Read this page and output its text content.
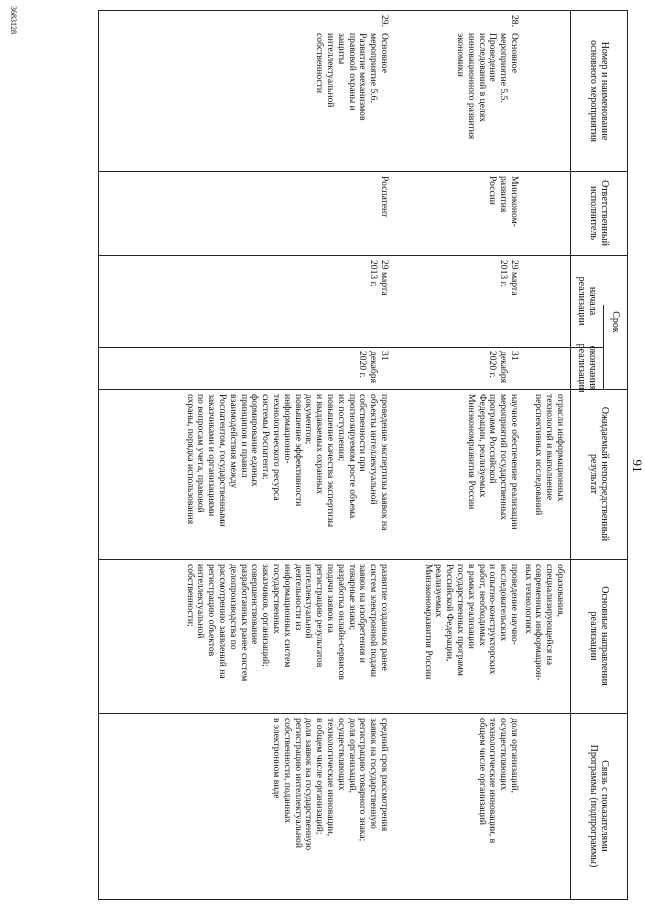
91
Номер и наименование
основного мероприятия
Ответственный
исполнитель
Срок
начала
реализации
окончания
реализации
Ожидаемый непосредственный
результат
Основные направления
реализации
Связь с показателями
Программы (подпрограммы)
отрасли информационных
технологий и выполнение
перспективных исследований
образования,
специализирующейся на
современных информацион-
ных технологиях
28.
Основное
мероприятие 5.5.
Проведение
исследований в целях
инновационного развития
экономики
Минэконом-
развития
России
29 марта
2013 г.
31 декабря
2020 г.
научное обеспечение реализации
мероприятий государственных
программ Российской
Федерации, реализуемых
Минэкономразвития России
проведение научно-
исследовательских
и опытно-конструкторских
работ, необходимых
в рамках реализации
государственных программ
Российской Федерации,
реализуемых
Минэкономразвития России
доля организаций,
осуществляющих
технологические инновации, в
общем числе организаций
29.
Основное
мероприятие 5.6.
Развитие механизмов
правовой охраны и
защиты
интеллектуальной
собственности
Роспатент
29 марта
2013 г.
31 декабря
2020 г.
проведение экспертизы заявок на
объекты интеллектуальной
собственности при
прогнозируемом росте объема
их поступления;
повышение качества экспертизы
и выдаваемых охранных
документов;
повышение эффективности
информационно-
технологического ресурса
системы Роспатента;
формирование единых
принципов и правил
взаимодействия между
Роспатентом, государственными
заказчиками и организациями
по вопросам учета, правовой
охраны, порядка использования
развитие созданных ранее
систем электронной подачи
заявок на изобретения и
товарные знаки;
разработка онлайн-сервисов
подачи заявок на
регистрацию результатов
интеллектуальной
деятельности из
информационных систем
государственных
заказчиков, организаций;
совершенствование
разработанных ранее систем
делопроизводства по
рассмотрению заявлений на
регистрацию объектов
интеллектуальной
собственности;
средний срок рассмотрения
заявок на государственную
регистрацию товарного знака;
доля организаций,
осуществляющих
технологические инновации,
в общем числе организаций;
доля заявок на государственную
регистрацию интеллектуальной
собственности, поданных
в электронном виде
3683128
